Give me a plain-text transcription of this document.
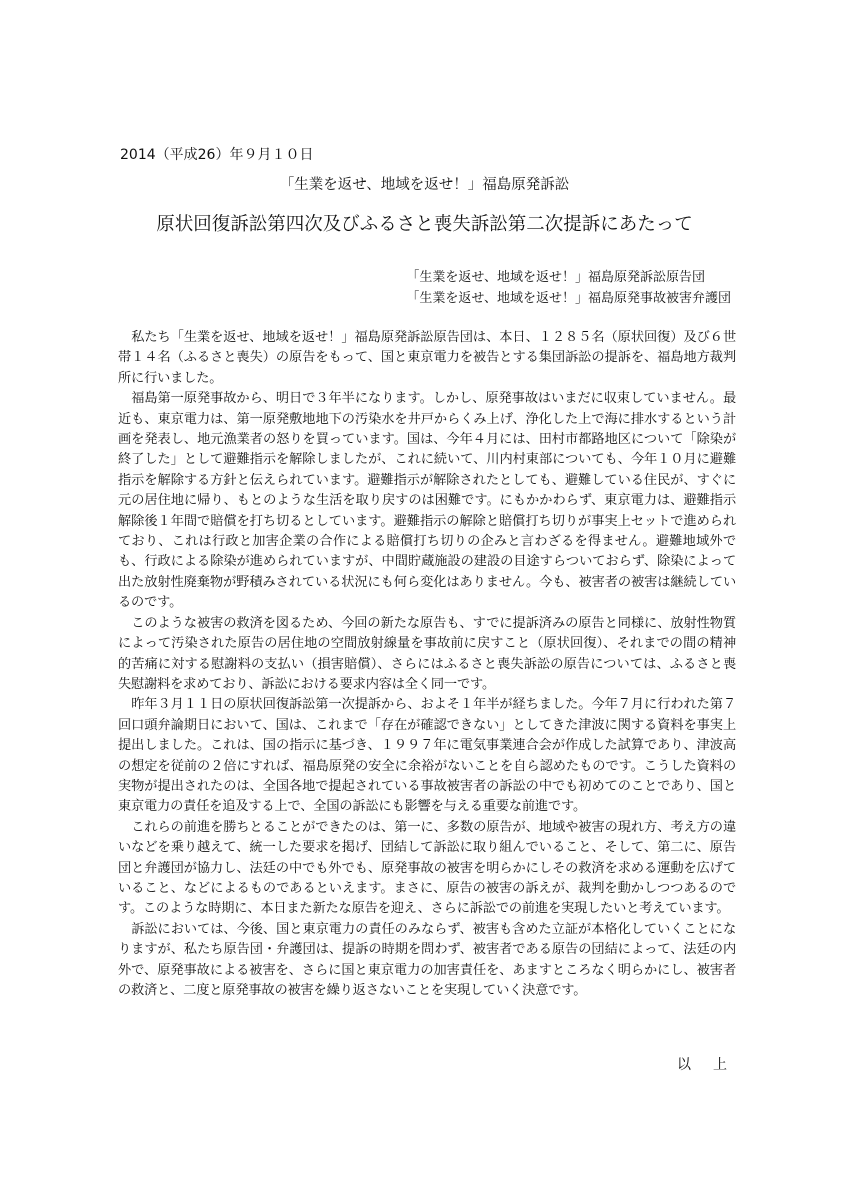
2014（平成26）年９月１０日
「生業を返せ、地域を返せ！」福島原発訴訟
原状回復訴訟第四次及びふるさと喪失訴訟第二次提訴にあたって
「生業を返せ、地域を返せ！」福島原発訴訟原告団
「生業を返せ、地域を返せ！」福島原発事故被害弁護団

私たち「生業を返せ、地域を返せ！」福島原発訴訟原告団は、本日、１２８５名（原状回復）及び６世帯１４名（ふるさと喪失）の原告をもって、国と東京電力を被告とする集団訴訟の提訴を、福島地方裁判所に行いました。

福島第一原発事故から、明日で３年半になります。しかし、原発事故はいまだに収束していません。最近も、東京電力は、第一原発敷地地下の汚染水を井戸からくみ上げ、浄化した上で海に排水するという計画を発表し、地元漁業者の怒りを買っています。国は、今年４月には、田村市都路地区について「除染が終了した」として避難指示を解除しましたが、これに続いて、川内村東部についても、今年１０月に避難指示を解除する方針と伝えられています。避難指示が解除されたとしても、避難している住民が、すぐに元の居住地に帰り、もとのような生活を取り戻すのは困難です。にもかかわらず、東京電力は、避難指示解除後１年間で賠償を打ち切るとしています。避難指示の解除と賠償打ち切りが事実上セットで進められており、これは行政と加害企業の合作による賠償打ち切りの企みと言わざるを得ません。避難地域外でも、行政による除染が進められていますが、中間貯蔵施設の建設の目途すらついておらず、除染によって出た放射性廃棄物が野積みされている状況にも何ら変化はありません。今も、被害者の被害は継続しているのです。

このような被害の救済を図るため、今回の新たな原告も、すでに提訴済みの原告と同様に、放射性物質によって汚染された原告の居住地の空間放射線量を事故前に戻すこと（原状回復）、それまでの間の精神的苦痛に対する慰謝料の支払い（損害賠償）、さらにはふるさと喪失訴訟の原告については、ふるさと喪失慰謝料を求めており、訴訟における要求内容は全く同一です。

昨年３月１１日の原状回復訴訟第一次提訴から、およそ１年半が経ちました。今年７月に行われた第７回口頭弁論期日において、国は、これまで「存在が確認できない」としてきた津波に関する資料を事実上提出しました。これは、国の指示に基づき、１９９７年に電気事業連合会が作成した試算であり、津波高の想定を従前の２倍にすれば、福島原発の安全に余裕がないことを自ら認めたものです。こうした資料の実物が提出されたのは、全国各地で提起されている事故被害者の訴訟の中でも初めてのことであり、国と東京電力の責任を追及する上で、全国の訴訟にも影響を与える重要な前進です。

これらの前進を勝ちとることができたのは、第一に、多数の原告が、地域や被害の現れ方、考え方の違いなどを乗り越えて、統一した要求を掲げ、団結して訴訟に取り組んでいること、そして、第二に、原告団と弁護団が協力し、法廷の中でも外でも、原発事故の被害を明らかにしその救済を求める運動を広げていること、などによるものであるといえます。まさに、原告の被害の訴えが、裁判を動かしつつあるのです。このような時期に、本日また新たな原告を迎え、さらに訴訟での前進を実現したいと考えています。

訴訟においては、今後、国と東京電力の責任のみならず、被害も含めた立証が本格化していくことになりますが、私たち原告団・弁護団は、提訴の時期を問わず、被害者である原告の団結によって、法廷の内外で、原発事故による被害を、さらに国と東京電力の加害責任を、あますところなく明らかにし、被害者の救済と、二度と原発事故の被害を繰り返さないことを実現していく決意です。

以　上
